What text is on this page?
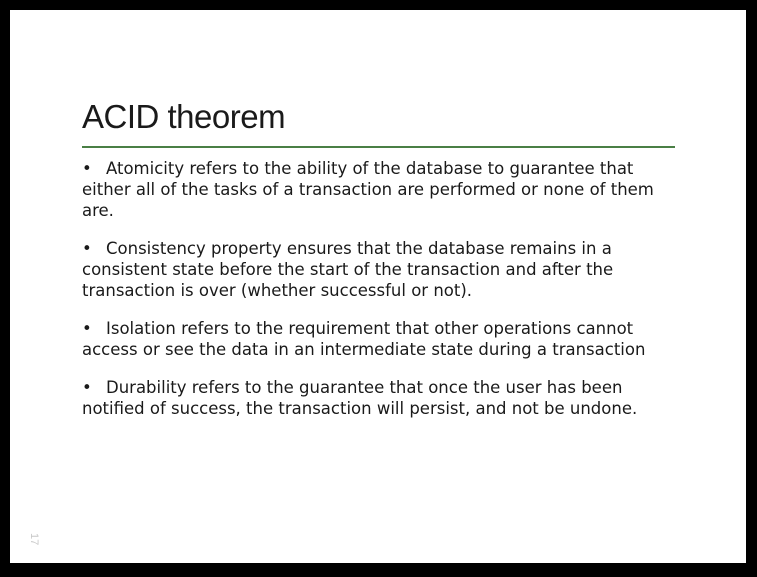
ACID theorem
• Atomicity refers to the ability of the database to guarantee that either all of the tasks of a transaction are performed or none of them are.
• Consistency property ensures that the database remains in a consistent state before the start of the transaction and after the transaction is over (whether successful or not).
• Isolation refers to the requirement that other operations cannot access or see the data in an intermediate state during a transaction
• Durability refers to the guarantee that once the user has been notified of success, the transaction will persist, and not be undone.
17
